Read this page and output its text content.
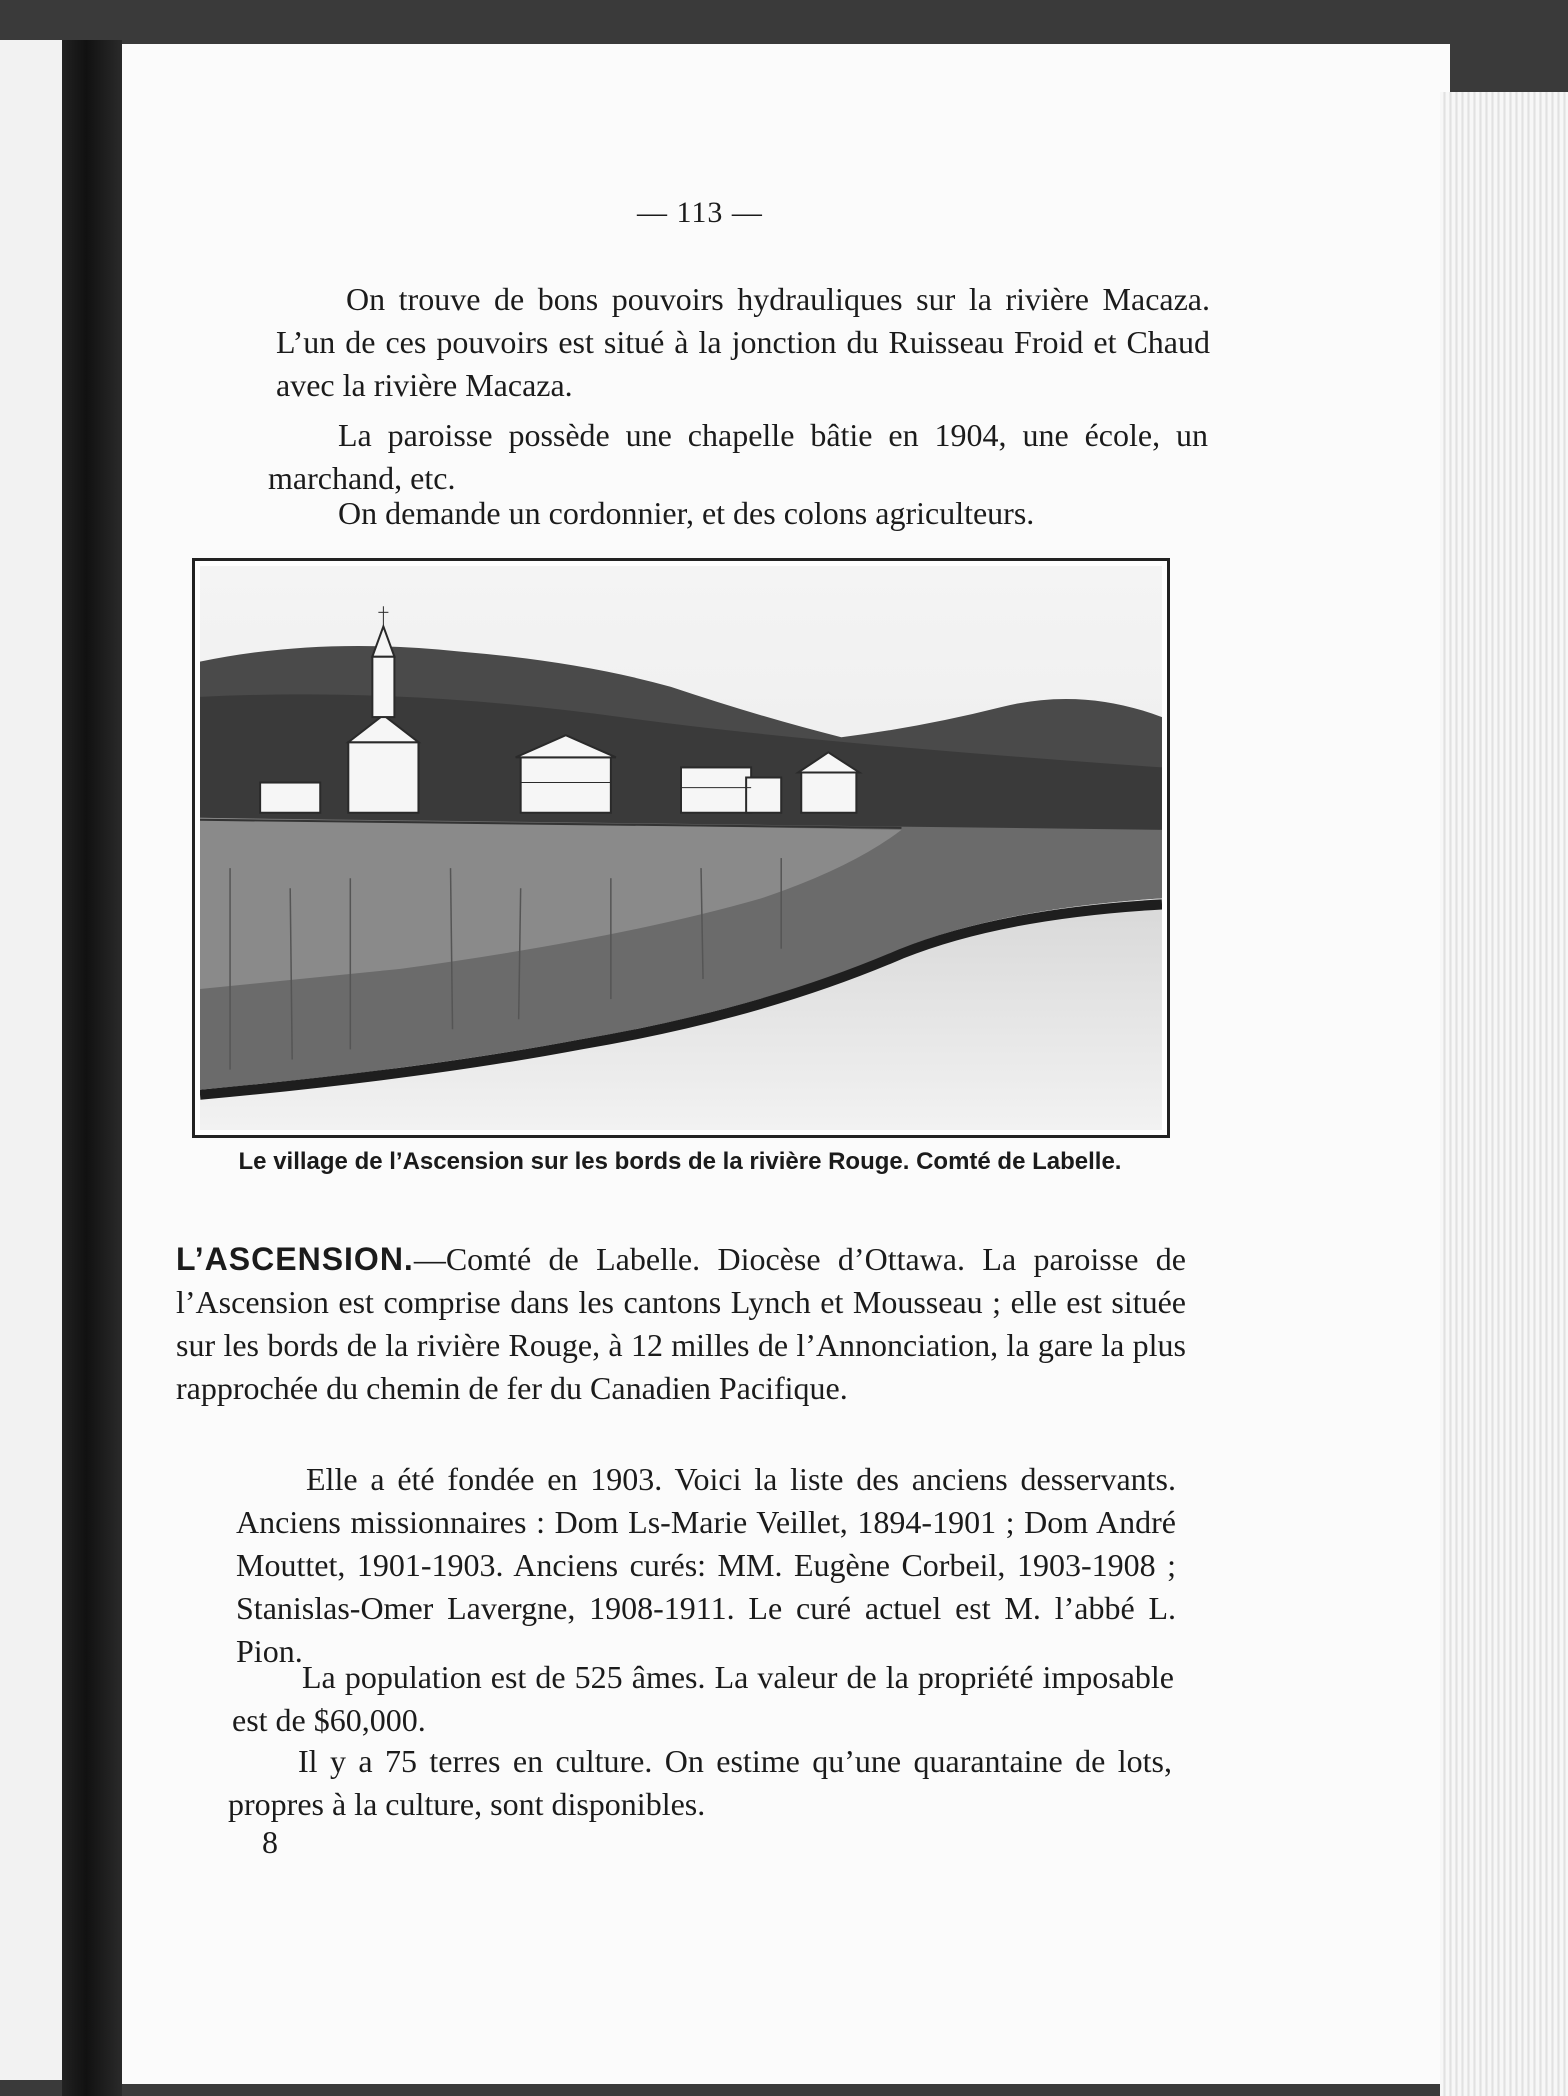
— 113 —

On trouve de bons pouvoirs hydrauliques sur la rivière Macaza. L’un de ces pouvoirs est situé à la jonction du Ruisseau Froid et Chaud avec la rivière Macaza.

La paroisse possède une chapelle bâtie en 1904, une école, un marchand, etc.

On demande un cordonnier, et des colons agriculteurs.

Le village de l’Ascension sur les bords de la rivière Rouge. Comté de Labelle.

L’ASCENSION.—Comté de Labelle. Diocèse d’Ottawa. La paroisse de l’Ascension est comprise dans les cantons Lynch et Mousseau ; elle est située sur les bords de la rivière Rouge, à 12 milles de l’Annonciation, la gare la plus rapprochée du chemin de fer du Canadien Pacifique.

Elle a été fondée en 1903. Voici la liste des anciens desservants. Anciens missionnaires : Dom Ls-Marie Veillet, 1894-1901 ; Dom André Mouttet, 1901-1903. Anciens curés: MM. Eugène Corbeil, 1903-1908 ; Stanislas-Omer Lavergne, 1908-1911. Le curé actuel est M. l’abbé L. Pion.

La population est de 525 âmes. La valeur de la propriété imposable est de $60,000.

Il y a 75 terres en culture. On estime qu’une quarantaine de lots, propres à la culture, sont disponibles.

8
